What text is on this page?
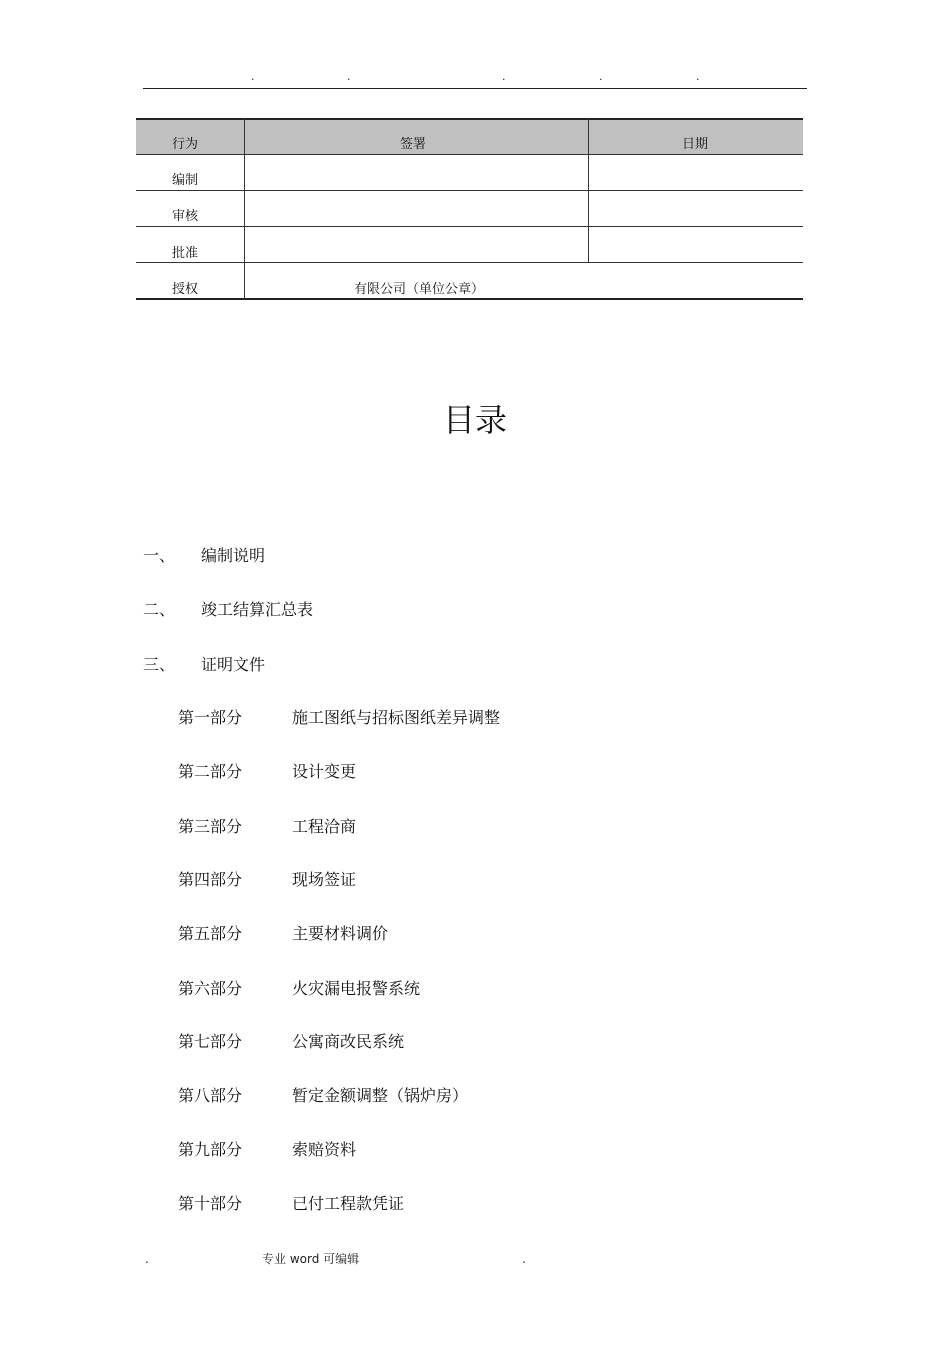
.	.	.	.	.
行为	签署	日期
编制
审核
批准
授权	有限公司（单位公章）
目录
一、 编制说明
二、 竣工结算汇总表
三、 证明文件
第一部分	施工图纸与招标图纸差异调整
第二部分	设计变更
第三部分	工程洽商
第四部分	现场签证
第五部分	主要材料调价
第六部分	火灾漏电报警系统
第七部分	公寓商改民系统
第八部分	暂定金额调整（锅炉房）
第九部分	索赔资料
第十部分	已付工程款凭证
.	专业 word 可编辑	.
